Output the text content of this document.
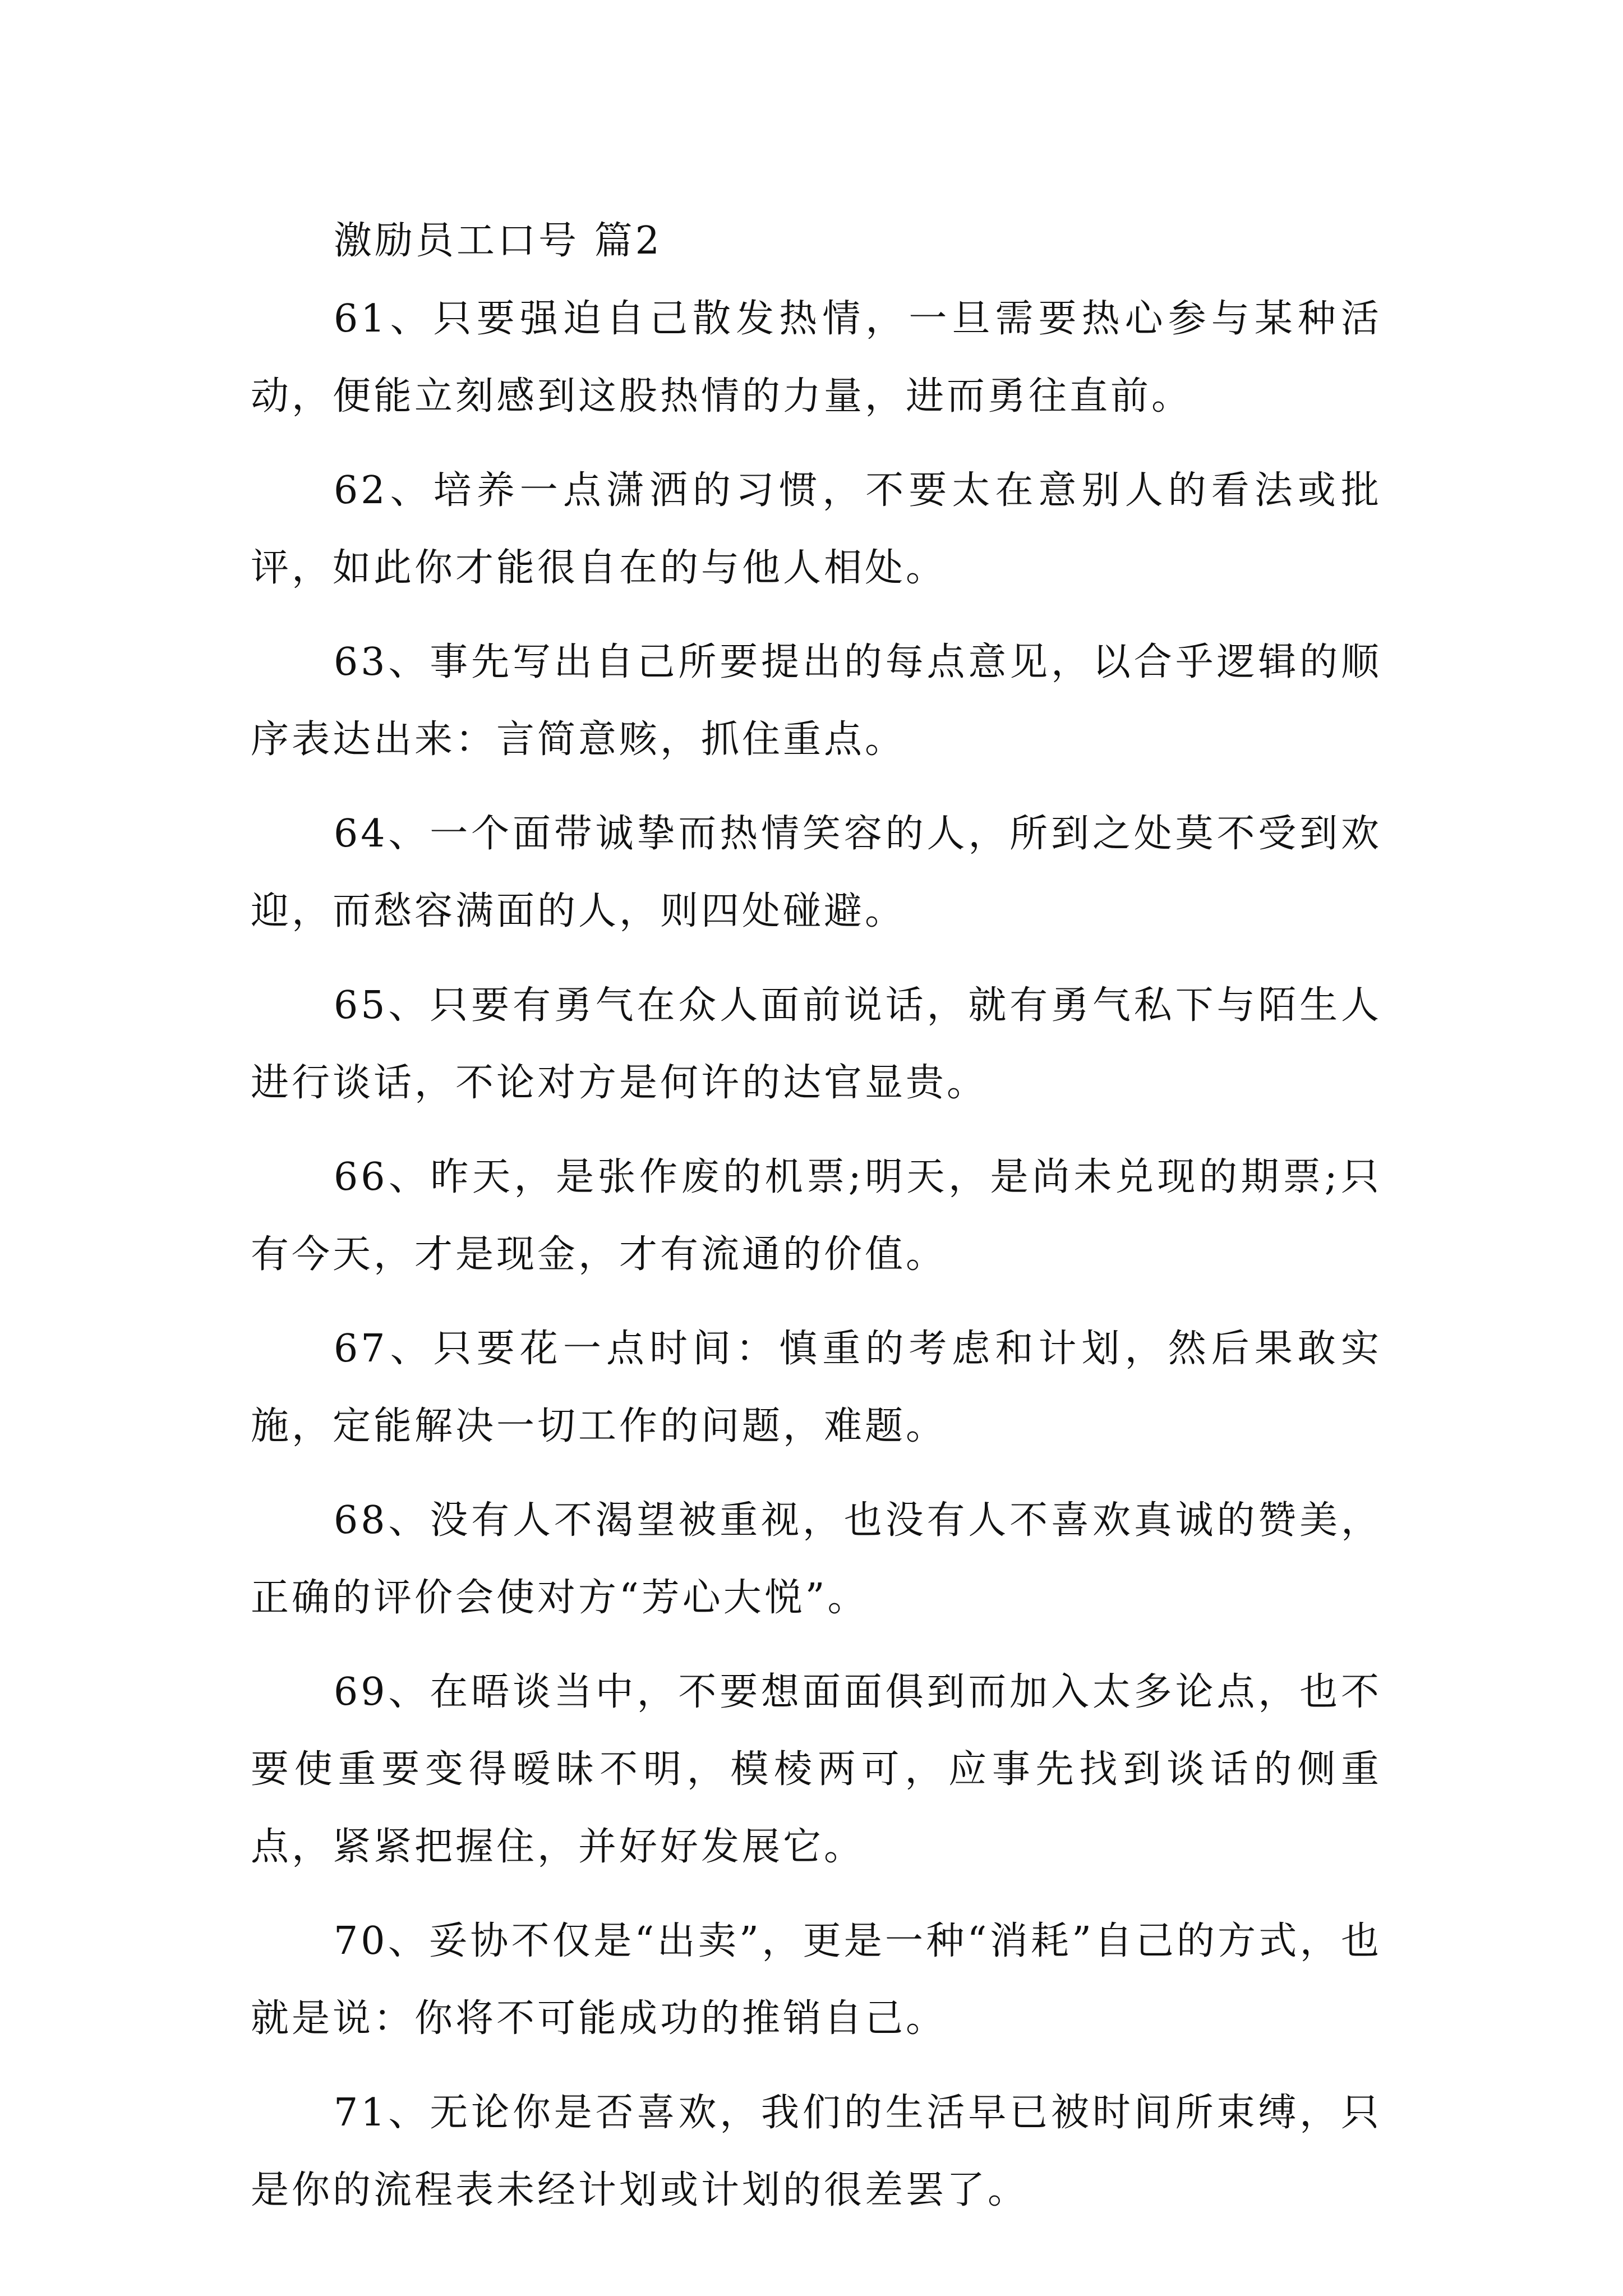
激励员工口号 篇2

61、只要强迫自己散发热情，一旦需要热心参与某种活动，便能立刻感到这股热情的力量，进而勇往直前。

62、培养一点潇洒的习惯，不要太在意别人的看法或批评，如此你才能很自在的与他人相处。

63、事先写出自己所要提出的每点意见，以合乎逻辑的顺序表达出来：言简意赅，抓住重点。

64、一个面带诚挚而热情笑容的人，所到之处莫不受到欢迎，而愁容满面的人，则四处碰避。

65、只要有勇气在众人面前说话，就有勇气私下与陌生人进行谈话，不论对方是何许的达官显贵。

66、昨天，是张作废的机票;明天，是尚未兑现的期票;只有今天，才是现金，才有流通的价值。

67、只要花一点时间：慎重的考虑和计划，然后果敢实施，定能解决一切工作的问题，难题。

68、没有人不渴望被重视，也没有人不喜欢真诚的赞美，正确的评价会使对方“芳心大悦”。

69、在晤谈当中，不要想面面俱到而加入太多论点，也不要使重要变得暧昧不明，模棱两可，应事先找到谈话的侧重点，紧紧把握住，并好好发展它。

70、妥协不仅是“出卖”，更是一种“消耗”自己的方式，也就是说：你将不可能成功的推销自己。

71、无论你是否喜欢，我们的生活早已被时间所束缚，只是你的流程表未经计划或计划的很差罢了。
